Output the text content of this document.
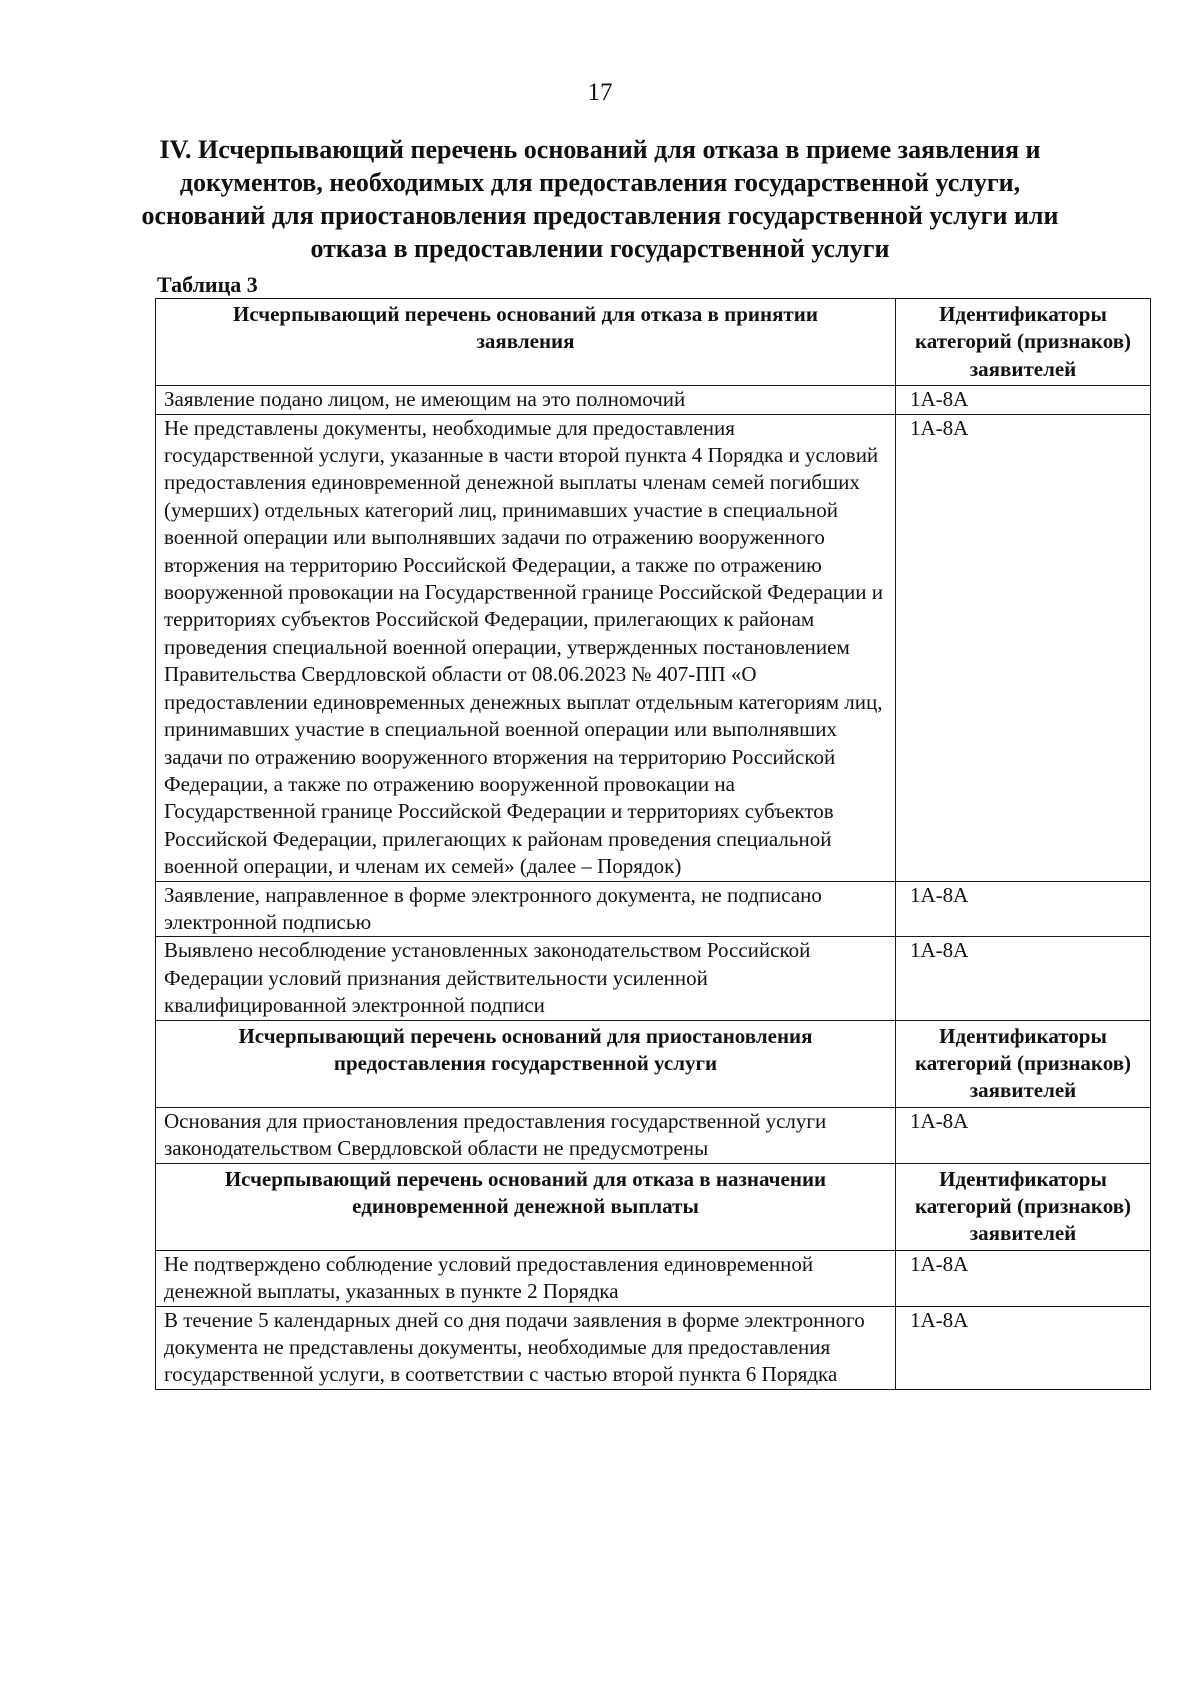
17
IV. Исчерпывающий перечень оснований для отказа в приеме заявления и документов, необходимых для предоставления государственной услуги, оснований для приостановления предоставления государственной услуги или отказа в предоставлении государственной услуги
Таблица 3
Исчерпывающий перечень оснований для отказа в принятии заявления	Идентификаторы категорий (признаков) заявителей
Заявление подано лицом, не имеющим на это полномочий	1А-8А
Не представлены документы, необходимые для предоставления государственной услуги, указанные в части второй пункта 4 Порядка и условий предоставления единовременной денежной выплаты членам семей погибших (умерших) отдельных категорий лиц, принимавших участие в специальной военной операции или выполнявших задачи по отражению вооруженного вторжения на территорию Российской Федерации, а также по отражению вооруженной провокации на Государственной границе Российской Федерации и территориях субъектов Российской Федерации, прилегающих к районам проведения специальной военной операции, утвержденных постановлением Правительства Свердловской области от 08.06.2023 № 407-ПП «О предоставлении единовременных денежных выплат отдельным категориям лиц, принимавших участие в специальной военной операции или выполнявших задачи по отражению вооруженного вторжения на территорию Российской Федерации, а также по отражению вооруженной провокации на Государственной границе Российской Федерации и территориях субъектов Российской Федерации, прилегающих к районам проведения специальной военной операции, и членам их семей» (далее – Порядок)	1А-8А
Заявление, направленное в форме электронного документа, не подписано электронной подписью	1А-8А
Выявлено несоблюдение установленных законодательством Российской Федерации условий признания действительности усиленной квалифицированной электронной подписи	1А-8А
Исчерпывающий перечень оснований для приостановления предоставления государственной услуги	Идентификаторы категорий (признаков) заявителей
Основания для приостановления предоставления государственной услуги законодательством Свердловской области не предусмотрены	1А-8А
Исчерпывающий перечень оснований для отказа в назначении единовременной денежной выплаты	Идентификаторы категорий (признаков) заявителей
Не подтверждено соблюдение условий предоставления единовременной денежной выплаты, указанных в пункте 2 Порядка	1А-8А
В течение 5 календарных дней со дня подачи заявления в форме электронного документа не представлены документы, необходимые для предоставления государственной услуги, в соответствии с частью второй пункта 6 Порядка	1А-8А
